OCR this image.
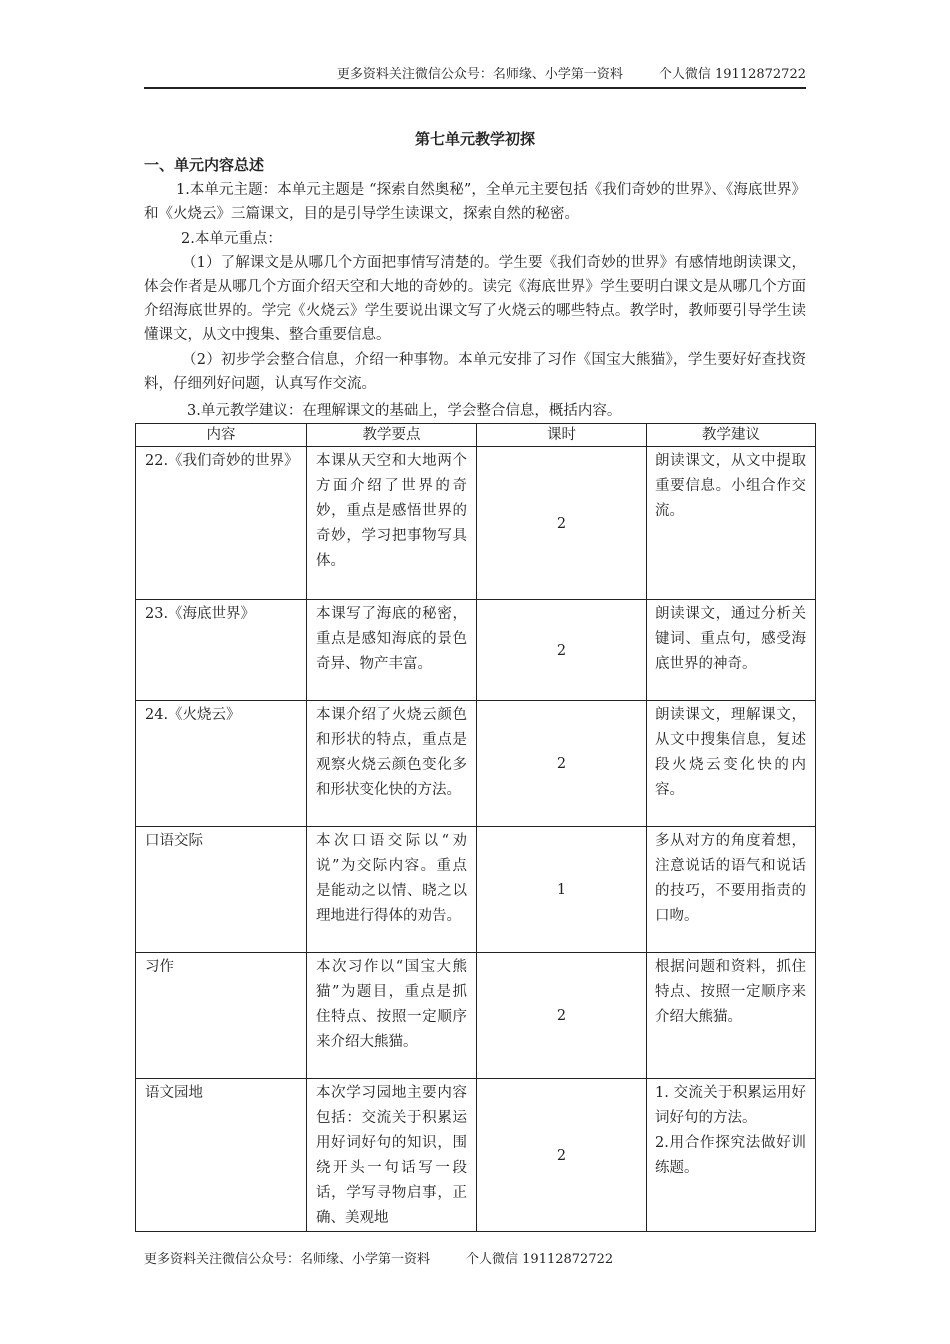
更多资料关注微信公众号：名师缘、小学第一资料	个人微信 19112872722
第七单元教学初探
一、单元内容总述

1.本单元主题：本单元主题是 “探索自然奥秘”，全单元主要包括《我们奇妙的世界》、《海底世界》和《火烧云》三篇课文，目的是引导学生读课文，探索自然的秘密。

2.本单元重点：

（1）了解课文是从哪几个方面把事情写清楚的。学生要《我们奇妙的世界》有感情地朗读课文，体会作者是从哪几个方面介绍天空和大地的奇妙的。读完《海底世界》学生要明白课文是从哪几个方面介绍海底世界的。学完《火烧云》学生要说出课文写了火烧云的哪些特点。教学时，教师要引导学生读懂课文，从文中搜集、整合重要信息。

（2）初步学会整合信息，介绍一种事物。本单元安排了习作《国宝大熊猫》，学生要好好查找资料，仔细列好问题，认真写作交流。

3.单元教学建议：在理解课文的基础上，学会整合信息，概括内容。

内容	教学要点	课时	教学建议
22.《我们奇妙的世界》	本课从天空和大地两个方面介绍了世界的奇妙，重点是感悟世界的奇妙，学习把事物写具体。	2	朗读课文，从文中提取重要信息。小组合作交流。
23.《海底世界》	本课写了海底的秘密，重点是感知海底的景色奇异、物产丰富。	2	朗读课文，通过分析关键词、重点句，感受海底世界的神奇。
24.《火烧云》	本课介绍了火烧云颜色和形状的特点，重点是观察火烧云颜色变化多和形状变化快的方法。	2	朗读课文，理解课文，从文中搜集信息，复述段火烧云变化快的内容。
口语交际	本次口语交际以“劝说”为交际内容。重点是能动之以情、晓之以理地进行得体的劝告。	1	多从对方的角度着想，注意说话的语气和说话的技巧，不要用指责的口吻。
习作	本次习作以“国宝大熊猫”为题目，重点是抓住特点、按照一定顺序来介绍大熊猫。	2	根据问题和资料，抓住特点、按照一定顺序来介绍大熊猫。
语文园地	本次学习园地主要内容包括：交流关于积累运用好词好句的知识，围绕开头一句话写一段话，学写寻物启事，正确、美观地	2	1. 交流关于积累运用好词好句的方法。
2.用合作探究法做好训练题。
更多资料关注微信公众号：名师缘、小学第一资料	个人微信 19112872722
